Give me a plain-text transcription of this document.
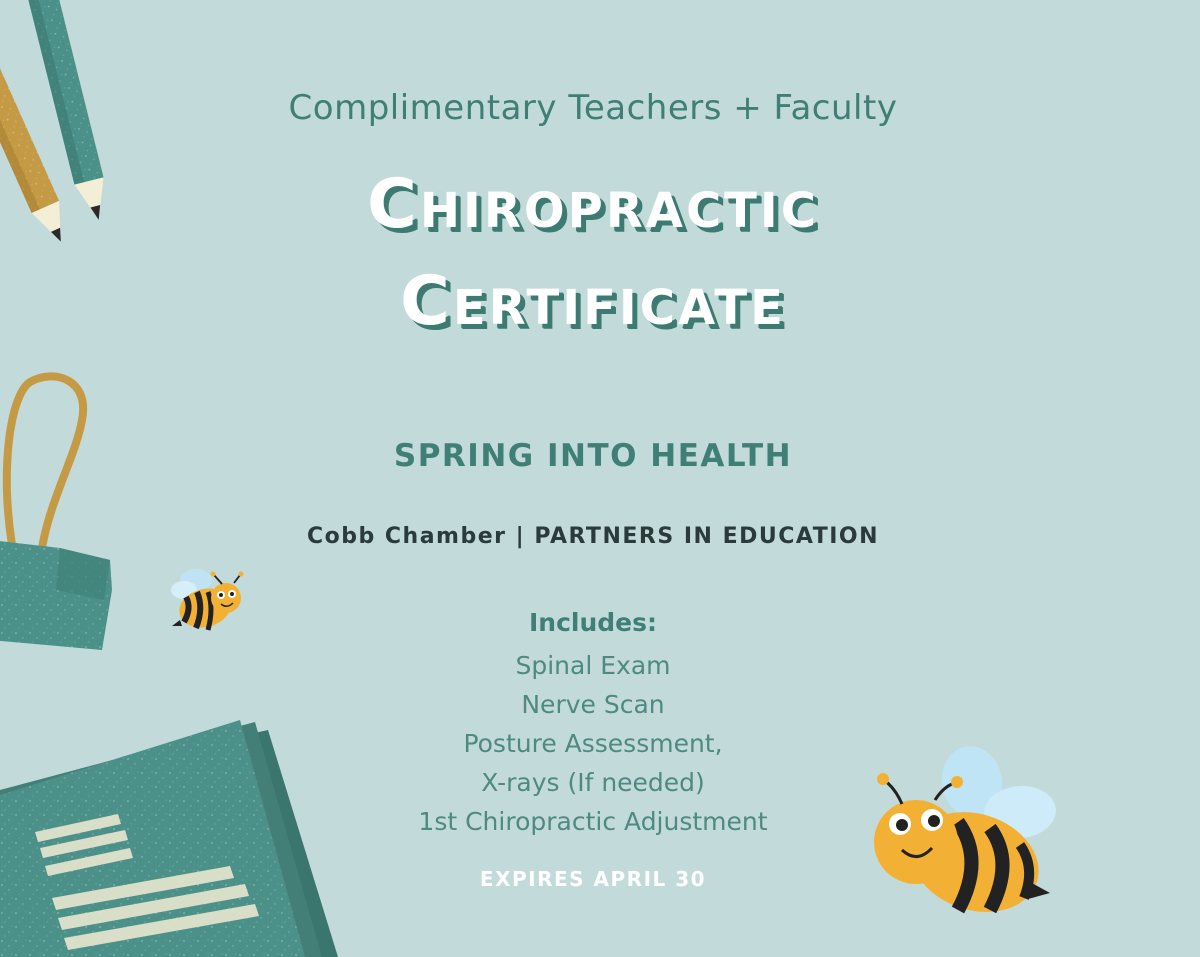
Complimentary Teachers + Faculty
Chiropractic
Certificate
SPRING INTO HEALTH
Cobb Chamber | PARTNERS IN EDUCATION
Includes:
Spinal Exam
Nerve Scan
Posture Assessment,
X-rays (If needed)
1st Chiropractic Adjustment
EXPIRES APRIL 30
